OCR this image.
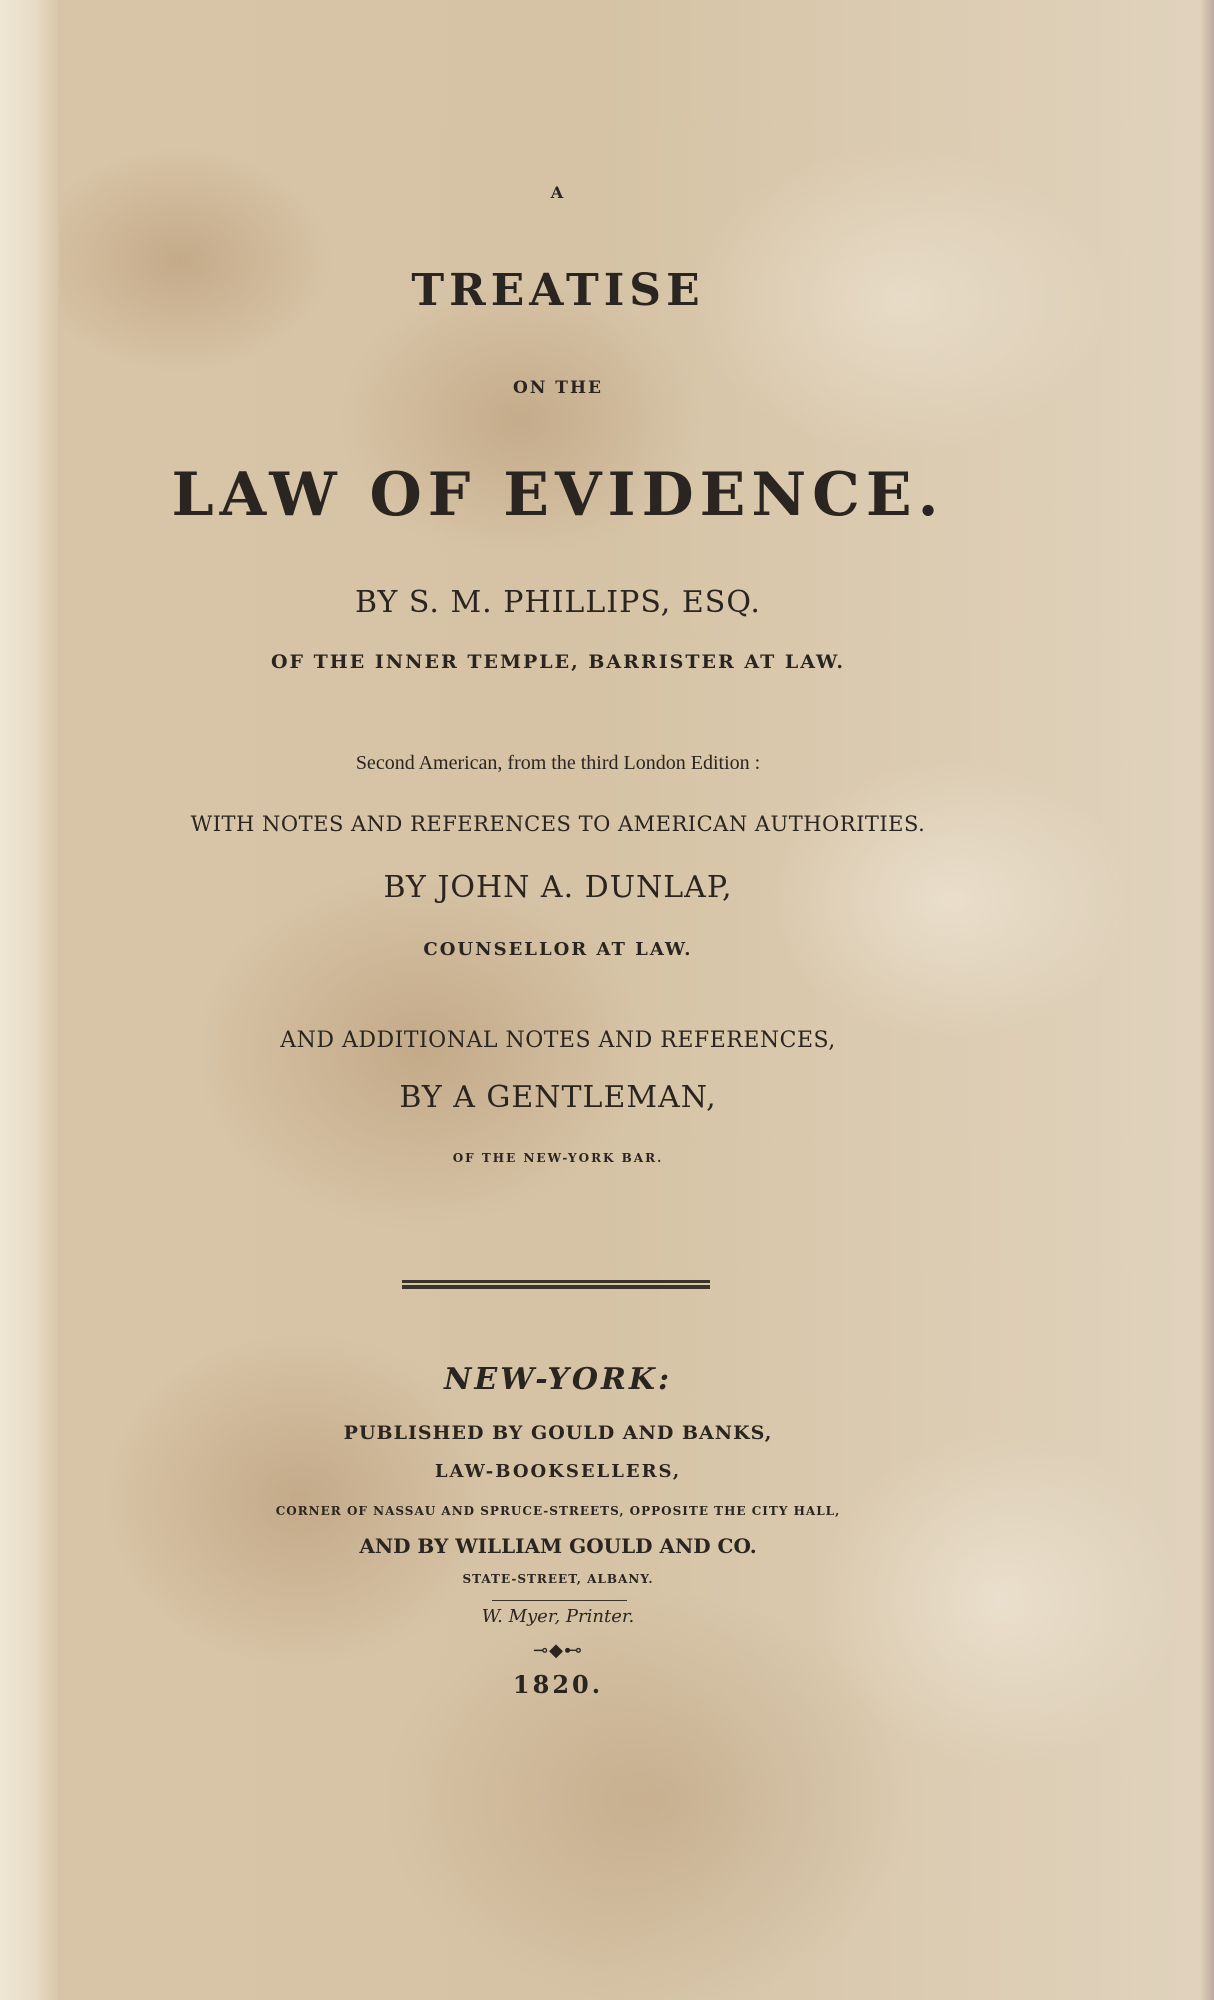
A
TREATISE
ON THE
LAW OF EVIDENCE.
BY S. M. PHILLIPS, ESQ.
OF THE INNER TEMPLE, BARRISTER AT LAW.
Second American, from the third London Edition :
WITH NOTES AND REFERENCES TO AMERICAN AUTHORITIES.
BY JOHN A. DUNLAP,
COUNSELLOR AT LAW.
AND ADDITIONAL NOTES AND REFERENCES,
BY A GENTLEMAN,
OF THE NEW-YORK BAR.
NEW-YORK:
PUBLISHED BY GOULD AND BANKS,
LAW-BOOKSELLERS,
CORNER OF NASSAU AND SPRUCE-STREETS, OPPOSITE THE CITY HALL,
AND BY WILLIAM GOULD AND CO.
STATE-STREET, ALBANY.
W. Myer, Printer.
⊸◆⊷
1820.
